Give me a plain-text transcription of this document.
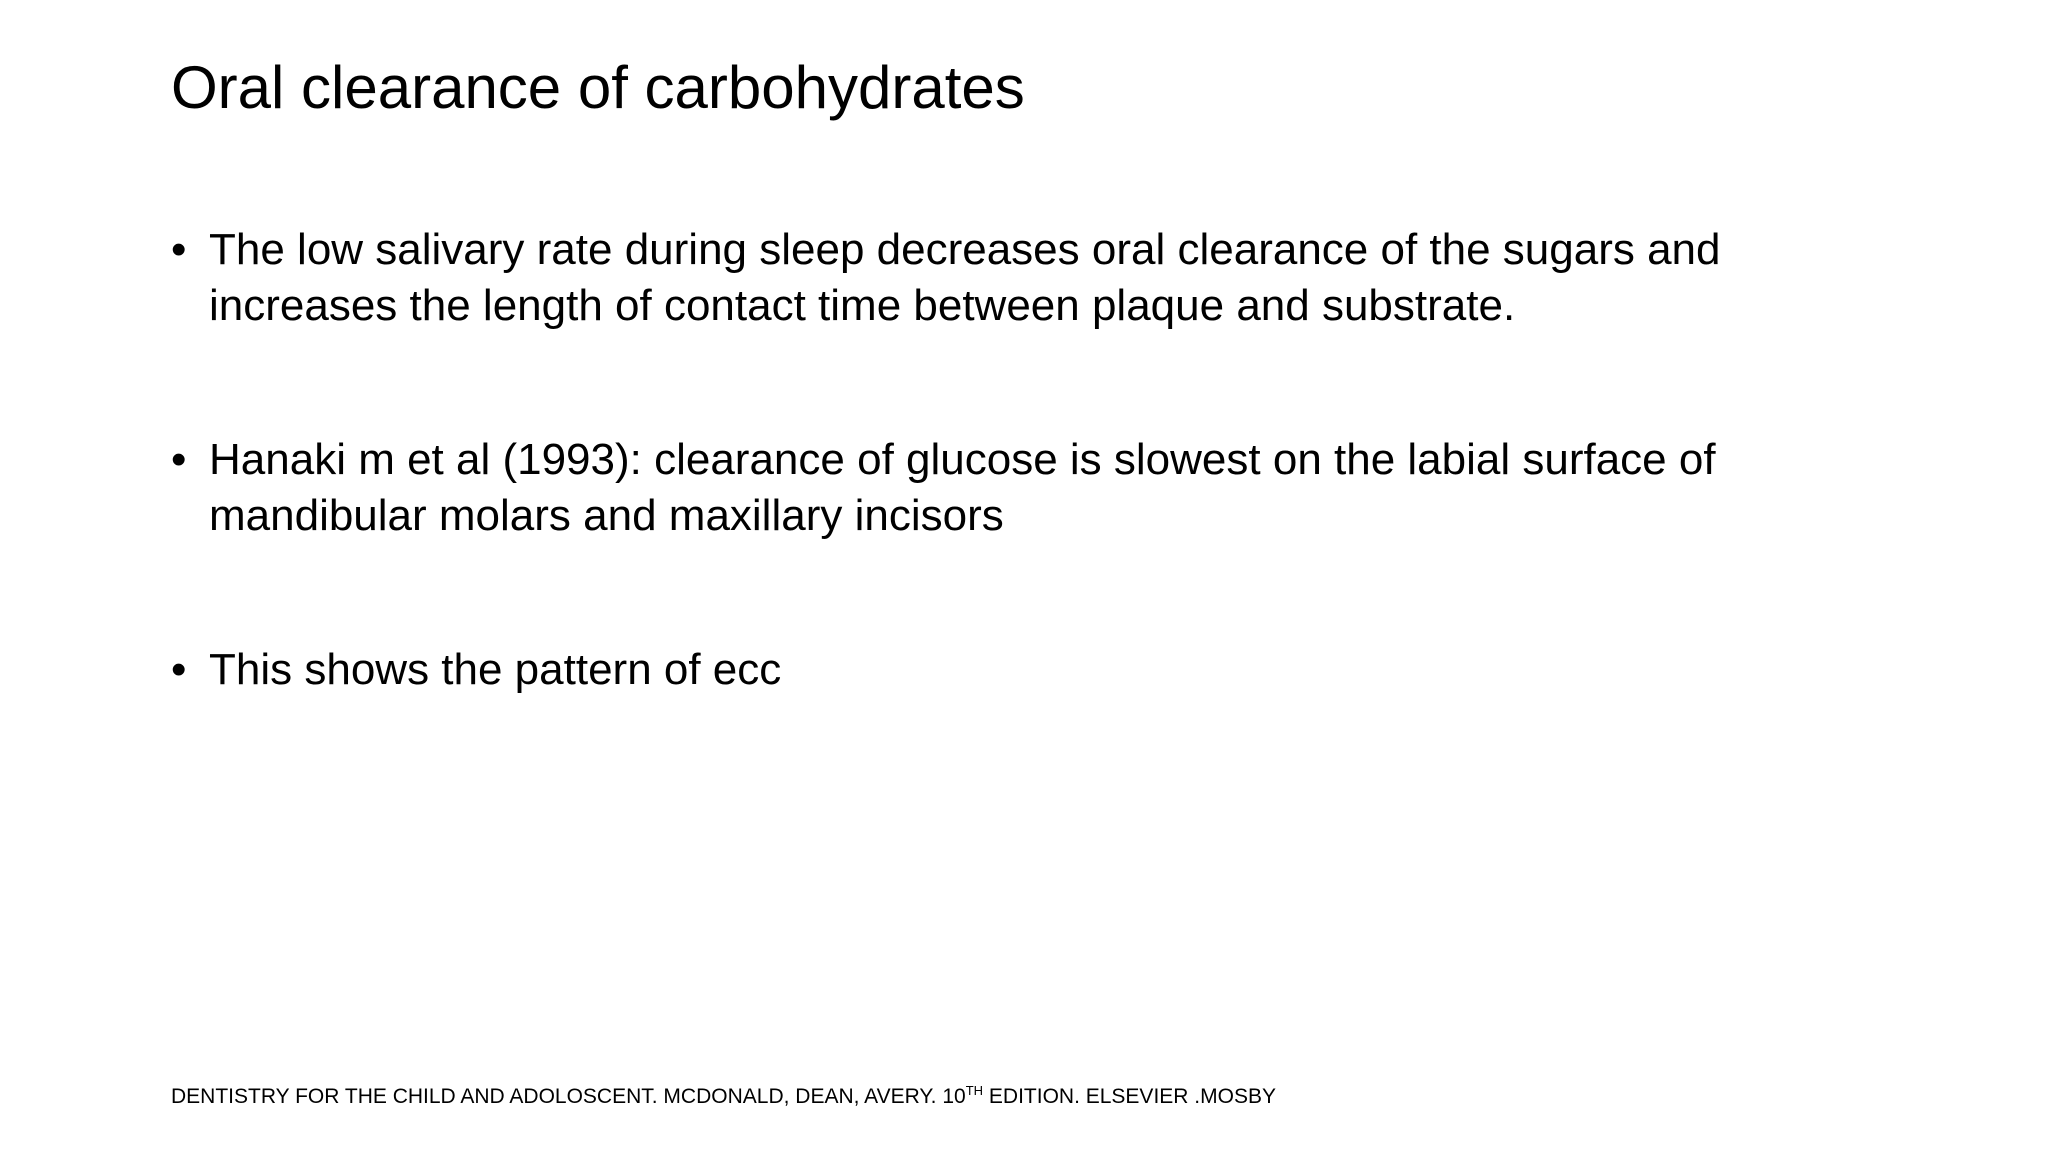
Oral clearance of carbohydrates
• The low salivary rate during sleep decreases oral clearance of the sugars and increases the length of contact time between plaque and substrate.
• Hanaki m et al (1993): clearance of glucose is slowest on the labial surface of mandibular molars and maxillary incisors
• This shows the pattern of ecc
DENTISTRY FOR THE CHILD AND ADOLOSCENT. MCDONALD, DEAN, AVERY. 10TH EDITION. ELSEVIER .MOSBY
